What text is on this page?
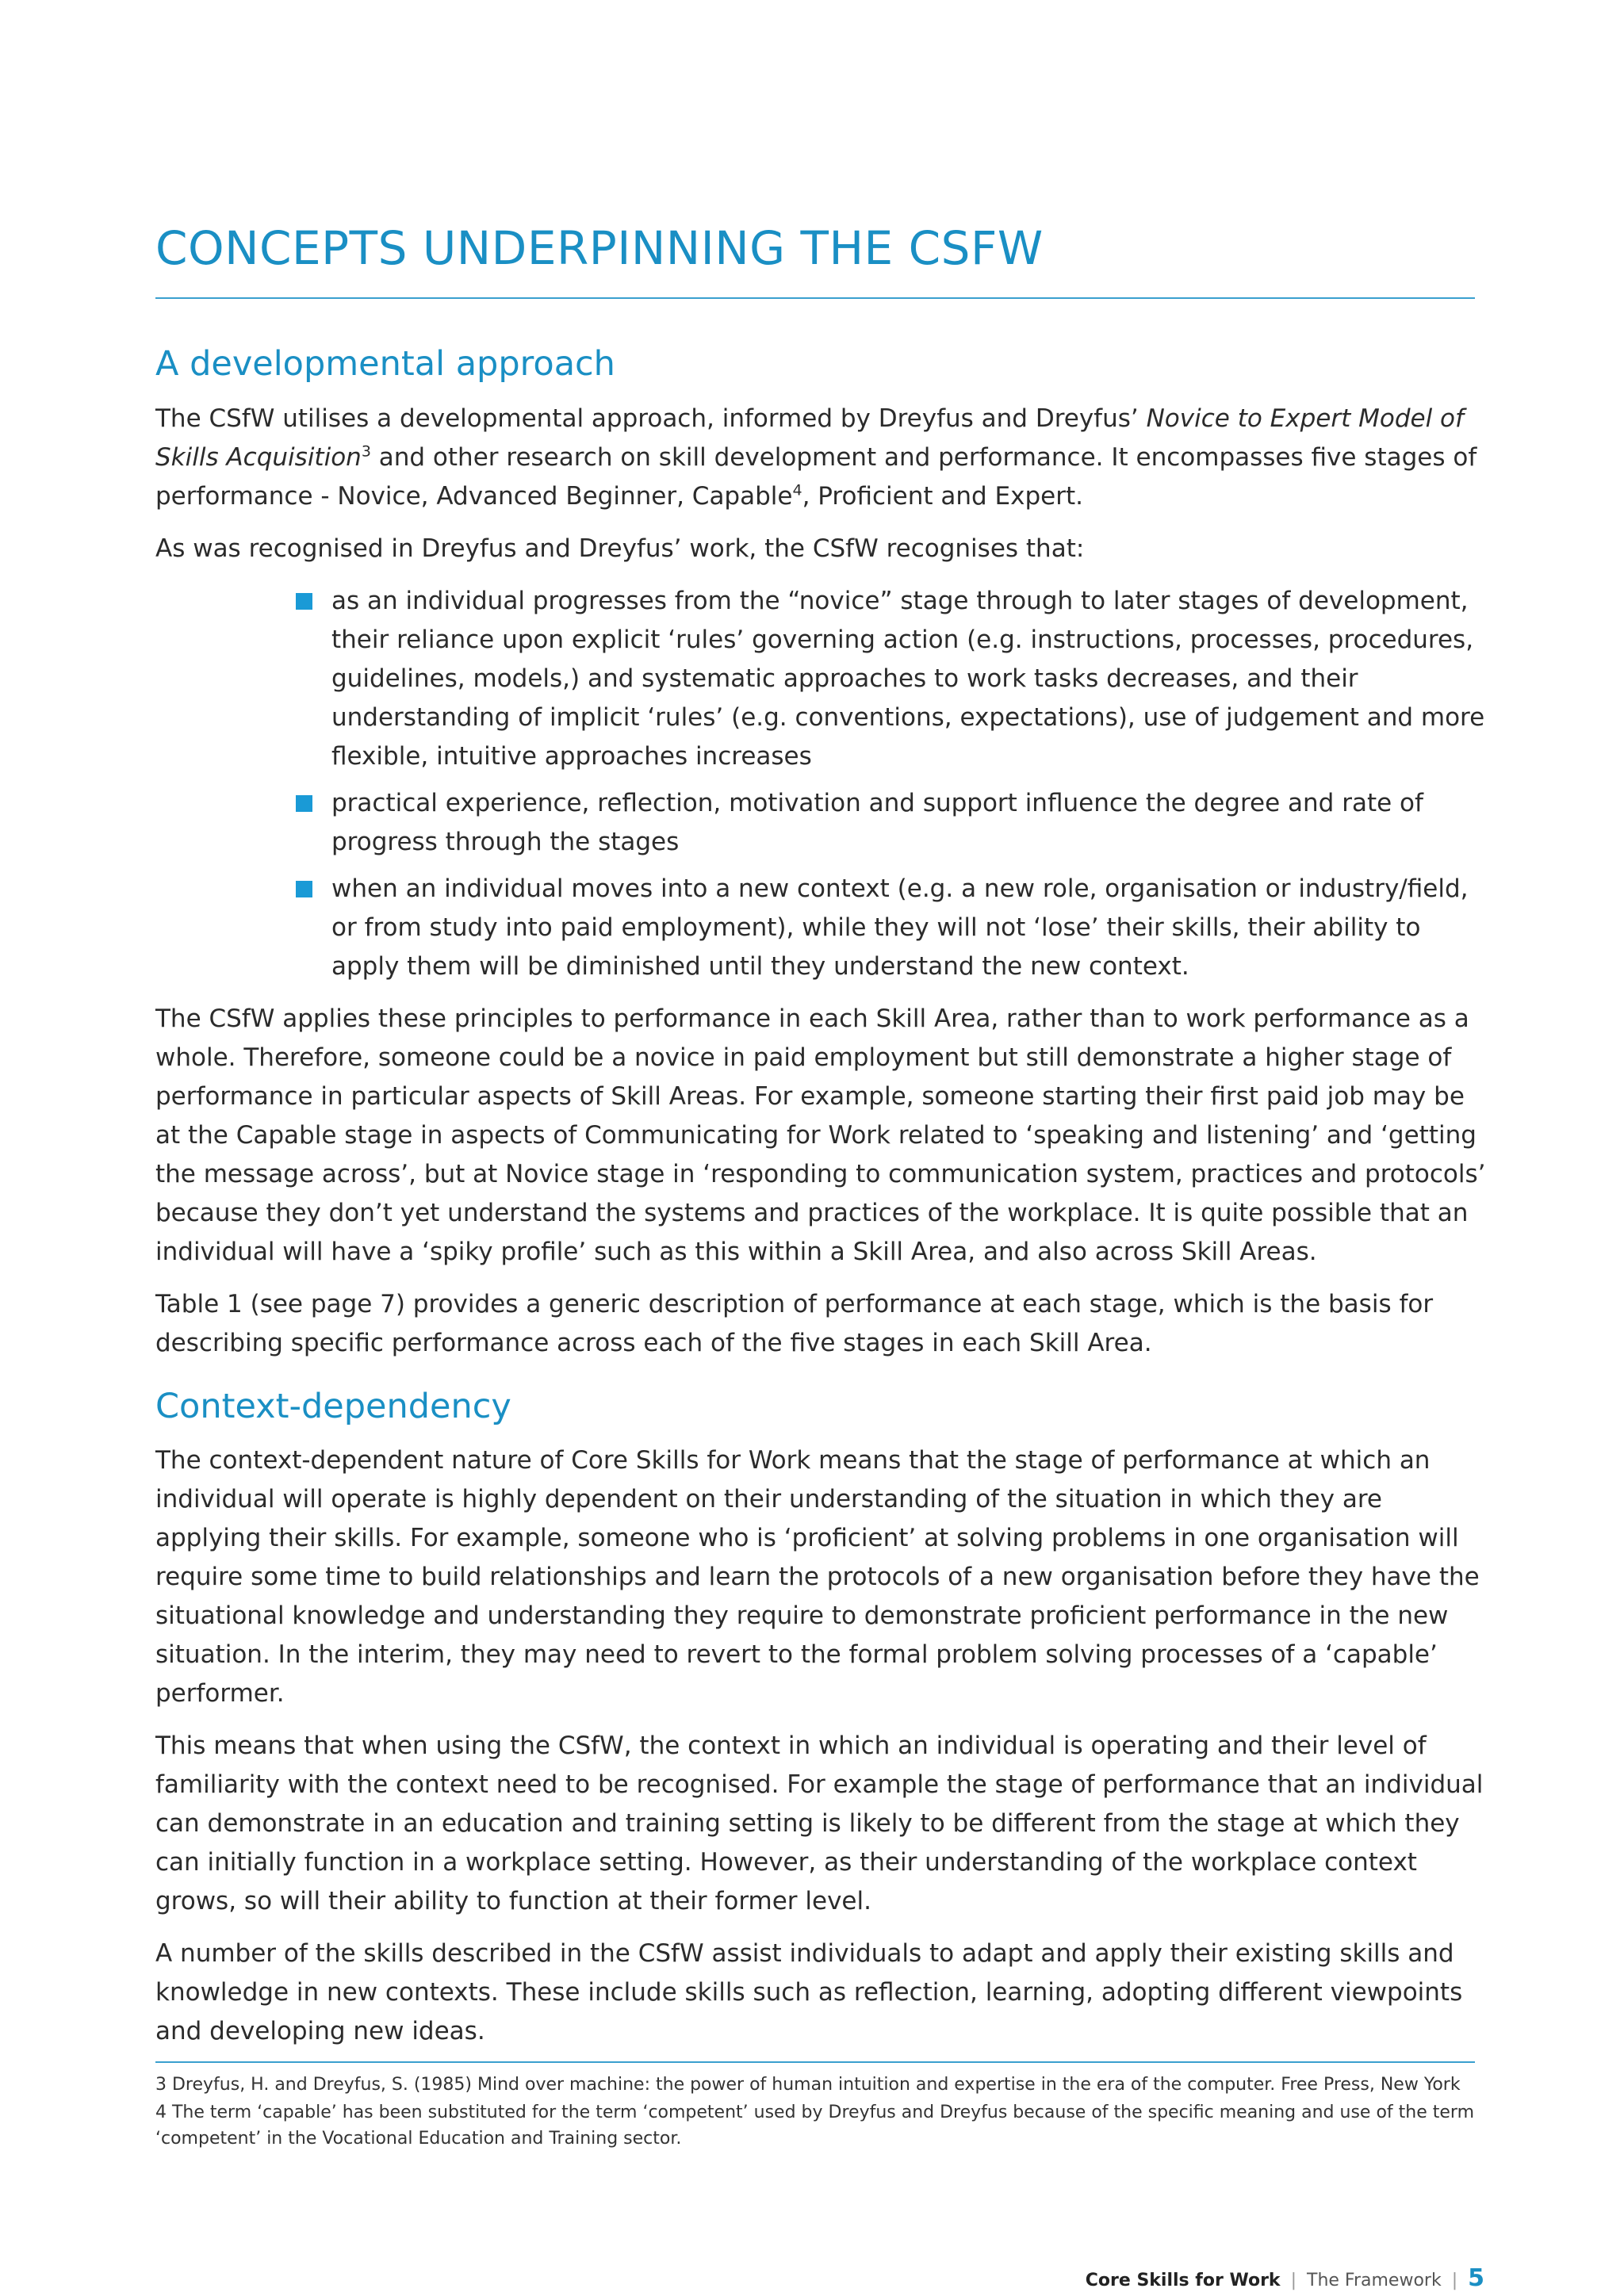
CONCEPTS UNDERPINNING THE CSFW
A developmental approach

The CSfW utilises a developmental approach, informed by Dreyfus and Dreyfus’ Novice to Expert Model of Skills Acquisition$^3$ and other research on skill development and performance. It encompasses five stages of performance - Novice, Advanced Beginner, Capable$^4$, Proficient and Expert.

As was recognised in Dreyfus and Dreyfus’ work, the CSfW recognises that:

as an individual progresses from the “novice” stage through to later stages of development, their reliance upon explicit ‘rules’ governing action (e.g. instructions, processes, procedures, guidelines, models,) and systematic approaches to work tasks decreases, and their understanding of implicit ‘rules’ (e.g. conventions, expectations), use of judgement and more flexible, intuitive approaches increases
practical experience, reflection, motivation and support influence the degree and rate of progress through the stages
when an individual moves into a new context (e.g. a new role, organisation or industry/field, or from study into paid employment), while they will not ‘lose’ their skills, their ability to apply them will be diminished until they understand the new context.

The CSfW applies these principles to performance in each Skill Area, rather than to work performance as a whole. Therefore, someone could be a novice in paid employment but still demonstrate a higher stage of performance in particular aspects of Skill Areas. For example, someone starting their first paid job may be at the Capable stage in aspects of Communicating for Work related to ‘speaking and listening’ and ‘getting the message across’, but at Novice stage in ‘responding to communication system, practices and protocols’ because they don’t yet understand the systems and practices of the workplace. It is quite possible that an individual will have a ‘spiky profile’ such as this within a Skill Area, and also across Skill Areas.

Table 1 (see page 7) provides a generic description of performance at each stage, which is the basis for describing specific performance across each of the five stages in each Skill Area.

Context-dependency

The context-dependent nature of Core Skills for Work means that the stage of performance at which an individual will operate is highly dependent on their understanding of the situation in which they are applying their skills. For example, someone who is ‘proficient’ at solving problems in one organisation will require some time to build relationships and learn the protocols of a new organisation before they have the situational knowledge and understanding they require to demonstrate proficient performance in the new situation. In the interim, they may need to revert to the formal problem solving processes of a ‘capable’ performer.

This means that when using the CSfW, the context in which an individual is operating and their level of familiarity with the context need to be recognised. For example the stage of performance that an individual can demonstrate in an education and training setting is likely to be different from the stage at which they can initially function in a workplace setting. However, as their understanding of the workplace context grows, so will their ability to function at their former level.

A number of the skills described in the CSfW assist individuals to adapt and apply their existing skills and knowledge in new contexts. These include skills such as reflection, learning, adopting different viewpoints and developing new ideas.

3 Dreyfus, H. and Dreyfus, S. (1985) Mind over machine: the power of human intuition and expertise in the era of the computer. Free Press, New York

4 The term ‘capable’ has been substituted for the term ‘competent’ used by Dreyfus and Dreyfus because of the specific meaning and use of the term ‘competent’ in the Vocational Education and Training sector.

Core Skills for Work | The Framework | 5
